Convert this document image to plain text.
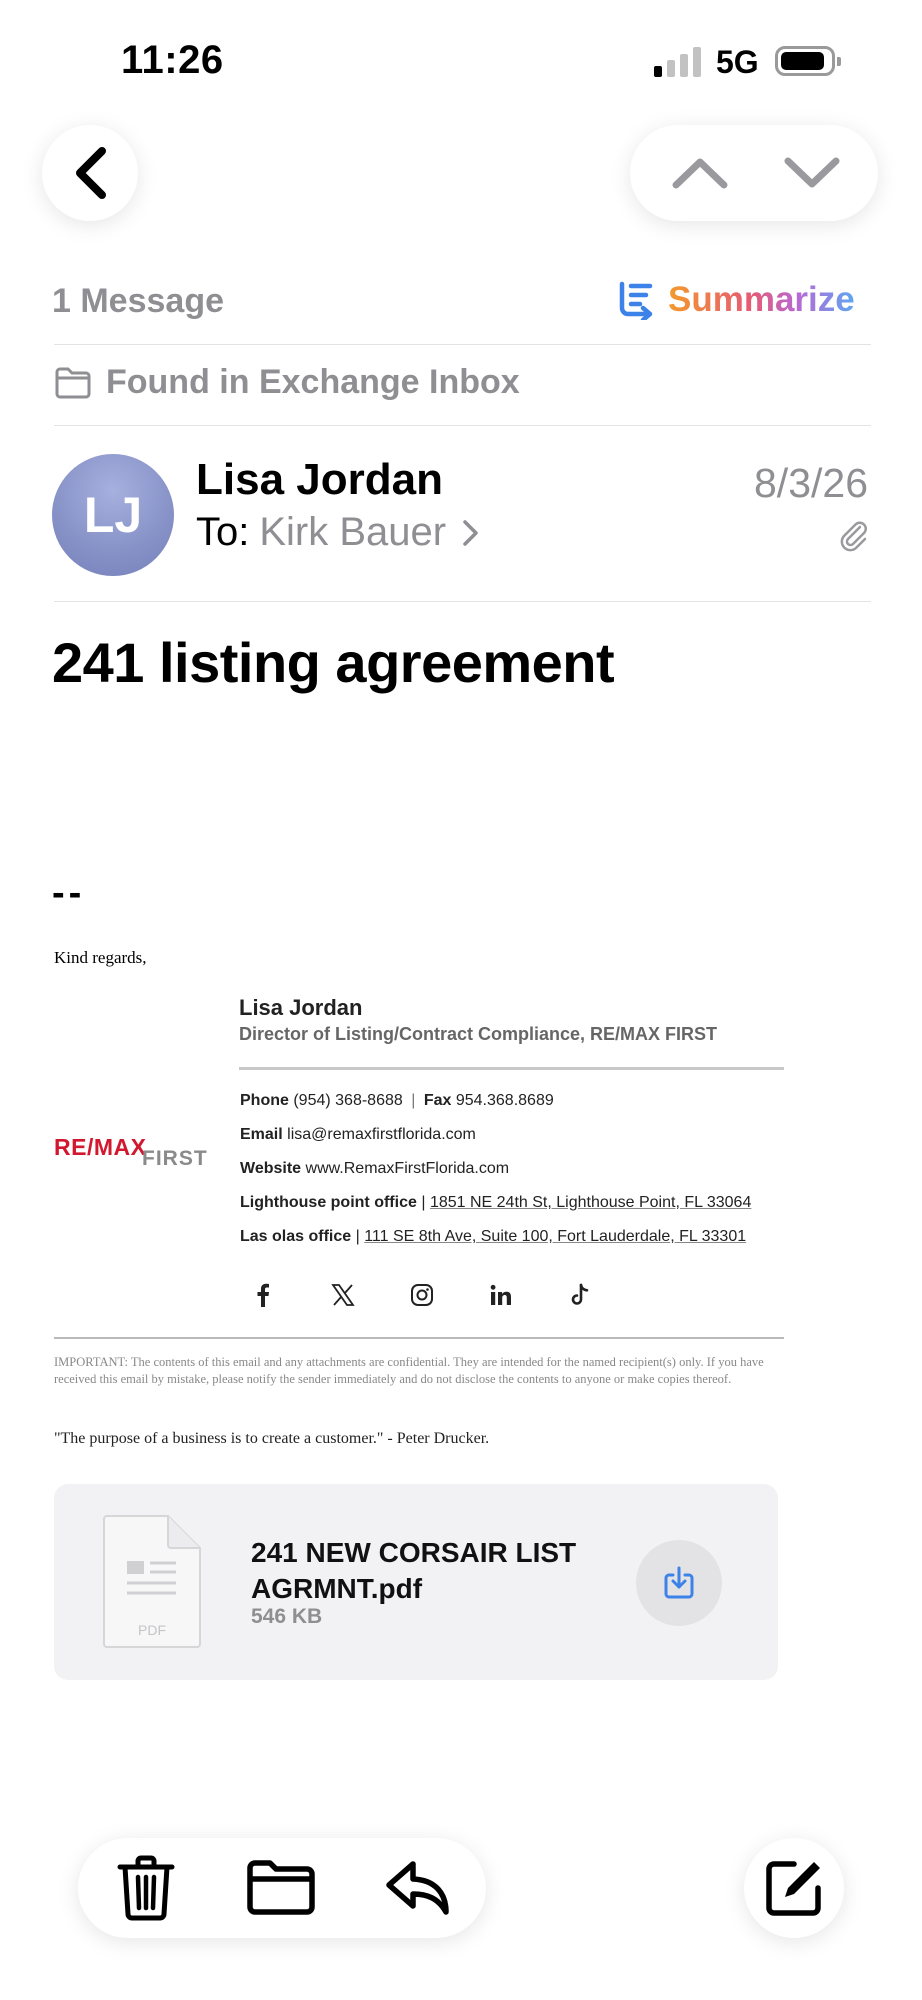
11:26	5G
1 Message	Summarize
Found in Exchange Inbox
LJ
Lisa Jordan
To: Kirk Bauer
8/3/26
241 listing agreement
--
Kind regards,
RE/MAX
FIRST
Lisa Jordan
Director of Listing/Contract Compliance, RE/MAX FIRST
Phone (954) 368-8688 | Fax 954.368.8689
Email lisa@remaxfirstflorida.com
Website www.RemaxFirstFlorida.com
Lighthouse point office | 1851 NE 24th St, Lighthouse Point, FL 33064
Las olas office | 111 SE 8th Ave, Suite 100, Fort Lauderdale, FL 33301
IMPORTANT: The contents of this email and any attachments are confidential. They are intended for the named recipient(s) only. If you have received this email by mistake, please notify the sender immediately and do not disclose the contents to anyone or make copies thereof.
"The purpose of a business is to create a customer." - Peter Drucker.
PDF
241 NEW CORSAIR LIST
AGRMNT.pdf
546 KB
